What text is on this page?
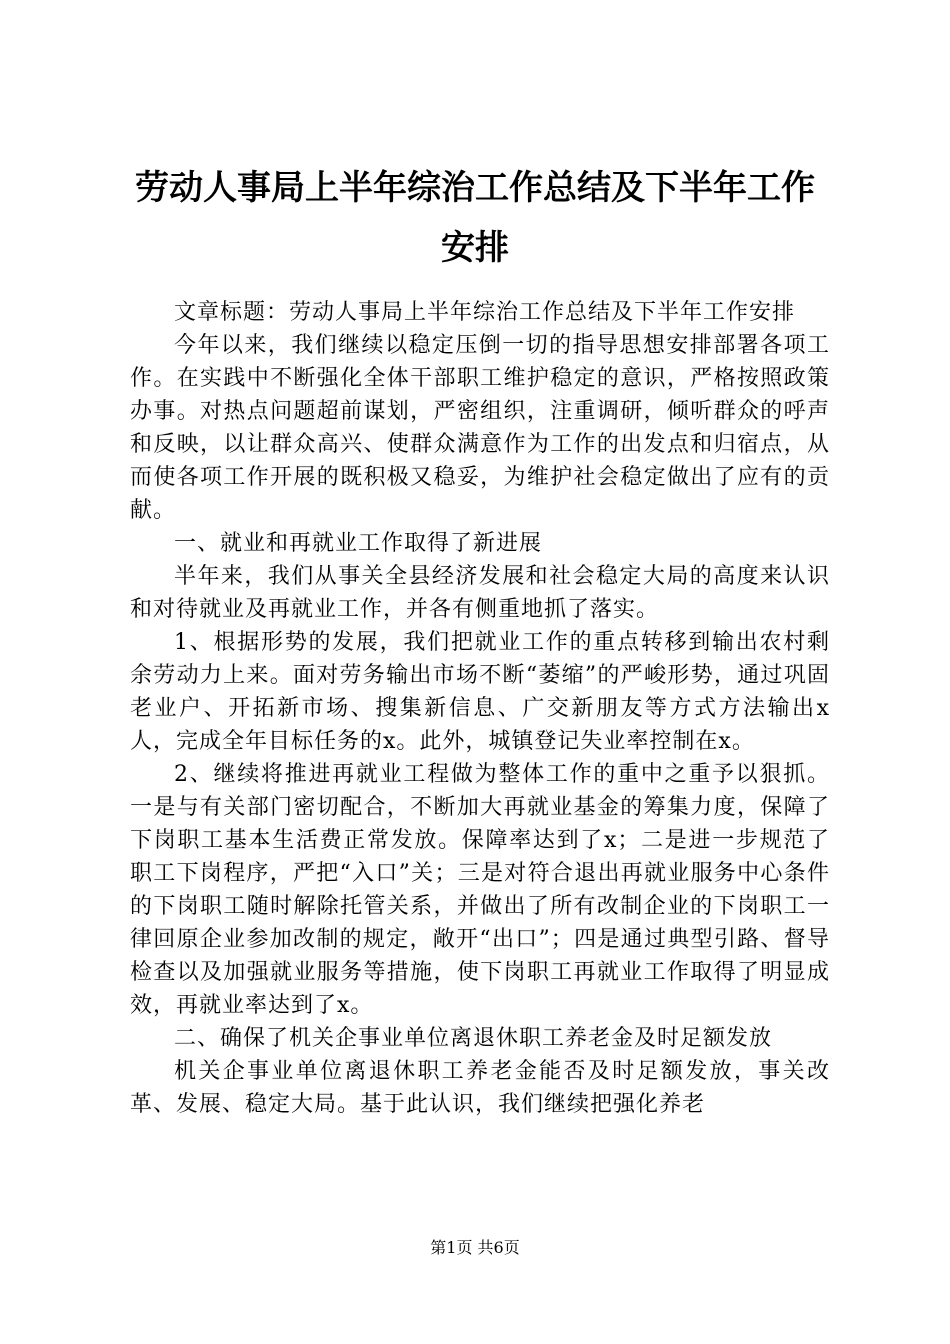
劳动人事局上半年综治工作总结及下半年工作安排

文章标题：劳动人事局上半年综治工作总结及下半年工作安排

今年以来，我们继续以稳定压倒一切的指导思想安排部署各项工作。在实践中不断强化全体干部职工维护稳定的意识，严格按照政策办事。对热点问题超前谋划，严密组织，注重调研，倾听群众的呼声和反映，以让群众高兴、使群众满意作为工作的出发点和归宿点，从而使各项工作开展的既积极又稳妥，为维护社会稳定做出了应有的贡献。

一、就业和再就业工作取得了新进展

半年来，我们从事关全县经济发展和社会稳定大局的高度来认识和对待就业及再就业工作，并各有侧重地抓了落实。

1、根据形势的发展，我们把就业工作的重点转移到输出农村剩余劳动力上来。面对劳务输出市场不断“萎缩”的严峻形势，通过巩固老业户、开拓新市场、搜集新信息、广交新朋友等方式方法输出x人，完成全年目标任务的x。此外，城镇登记失业率控制在x。

2、继续将推进再就业工程做为整体工作的重中之重予以狠抓。一是与有关部门密切配合，不断加大再就业基金的筹集力度，保障了下岗职工基本生活费正常发放。保障率达到了x；二是进一步规范了职工下岗程序，严把“入口”关；三是对符合退出再就业服务中心条件的下岗职工随时解除托管关系，并做出了所有改制企业的下岗职工一律回原企业参加改制的规定，敞开“出口”；四是通过典型引路、督导检查以及加强就业服务等措施，使下岗职工再就业工作取得了明显成效，再就业率达到了x。

二、确保了机关企事业单位离退休职工养老金及时足额发放

机关企事业单位离退休职工养老金能否及时足额发放，事关改革、发展、稳定大局。基于此认识，我们继续把强化养老

第1页 共6页
